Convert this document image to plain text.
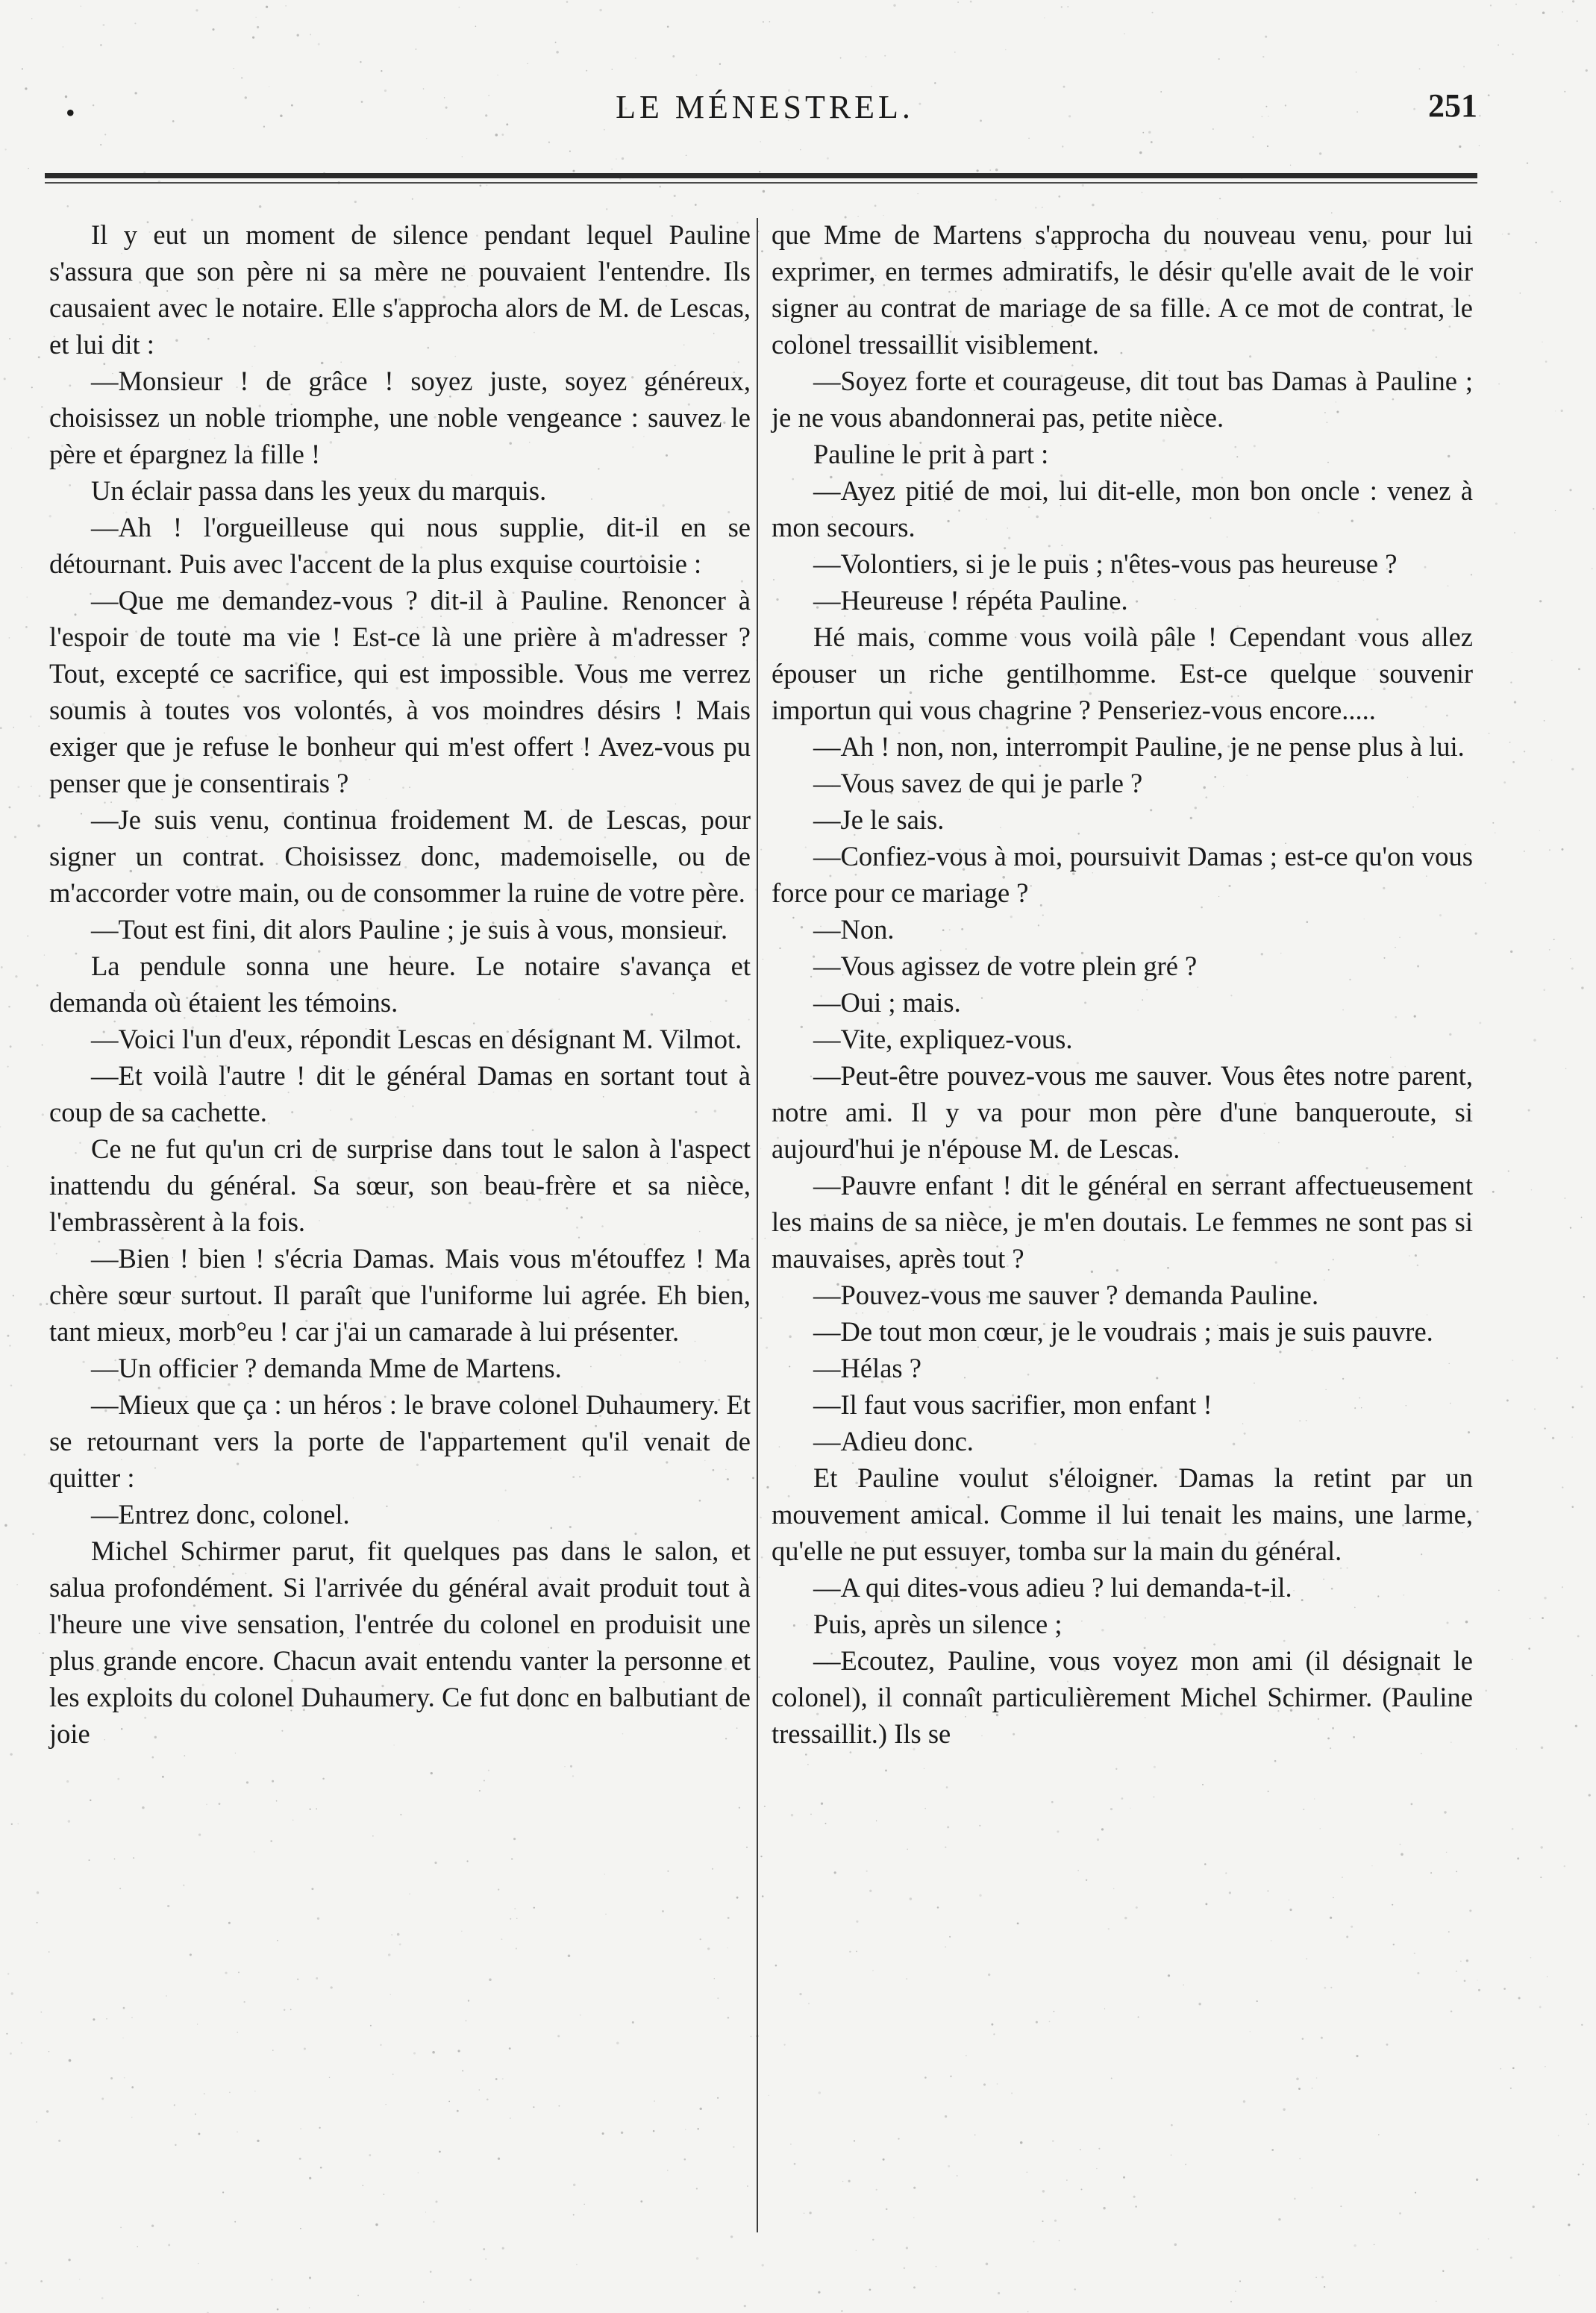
•	LE MÉNESTREL.	251

Il y eut un moment de silence pendant lequel Pauline s'assura que son père ni sa mère ne pouvaient l'entendre. Ils causaient avec le notaire. Elle s'approcha alors de M. de Lescas, et lui dit :

—Monsieur ! de grâce ! soyez juste, soyez généreux, choisissez un noble triomphe, une noble vengeance : sauvez le père et épargnez la fille !

Un éclair passa dans les yeux du marquis.

—Ah ! l'orgueilleuse qui nous supplie, dit-il en se détournant. Puis avec l'accent de la plus exquise courtoisie :

—Que me demandez-vous ? dit-il à Pauline. Renoncer à l'espoir de toute ma vie ! Est-ce là une prière à m'adresser ? Tout, excepté ce sacrifice, qui est impossible. Vous me verrez soumis à toutes vos volontés, à vos moindres désirs ! Mais exiger que je refuse le bonheur qui m'est offert ! Avez-vous pu penser que je consentirais ?

—Je suis venu, continua froidement M. de Lescas, pour signer un contrat. Choisissez donc, mademoiselle, ou de m'accorder votre main, ou de consommer la ruine de votre père.

—Tout est fini, dit alors Pauline ; je suis à vous, monsieur.

La pendule sonna une heure. Le notaire s'avança et demanda où étaient les témoins.

—Voici l'un d'eux, répondit Lescas en désignant M. Vilmot.

—Et voilà l'autre ! dit le général Damas en sortant tout à coup de sa cachette.

Ce ne fut qu'un cri de surprise dans tout le salon à l'aspect inattendu du général. Sa sœur, son beau-frère et sa nièce, l'embrassèrent à la fois.

—Bien ! bien ! s'écria Damas. Mais vous m'étouffez ! Ma chère sœur surtout. Il paraît que l'uniforme lui agrée. Eh bien, tant mieux, morb°eu ! car j'ai un camarade à lui présenter.

—Un officier ? demanda Mme de Martens.

—Mieux que ça : un héros : le brave colonel Duhaumery. Et se retournant vers la porte de l'appartement qu'il venait de quitter :

—Entrez donc, colonel.

Michel Schirmer parut, fit quelques pas dans le salon, et salua profondément. Si l'arrivée du général avait produit tout à l'heure une vive sensation, l'entrée du colonel en produisit une plus grande encore. Chacun avait entendu vanter la personne et les exploits du colonel Duhaumery. Ce fut donc en balbutiant de joie

que Mme de Martens s'approcha du nouveau venu, pour lui exprimer, en termes admiratifs, le désir qu'elle avait de le voir signer au contrat de mariage de sa fille. A ce mot de contrat, le colonel tressaillit visiblement.

—Soyez forte et courageuse, dit tout bas Damas à Pauline ; je ne vous abandonnerai pas, petite nièce.

Pauline le prit à part :

—Ayez pitié de moi, lui dit-elle, mon bon oncle : venez à mon secours.

—Volontiers, si je le puis ; n'êtes-vous pas heureuse ?

—Heureuse ! répéta Pauline.

Hé mais, comme vous voilà pâle ! Cependant vous allez épouser un riche gentilhomme. Est-ce quelque souvenir importun qui vous chagrine ? Penseriez-vous encore.....

—Ah ! non, non, interrompit Pauline, je ne pense plus à lui.

—Vous savez de qui je parle ?

—Je le sais.

—Confiez-vous à moi, poursuivit Damas ; est-ce qu'on vous force pour ce mariage ?

—Non.

—Vous agissez de votre plein gré ?

—Oui ; mais.

—Vite, expliquez-vous.

—Peut-être pouvez-vous me sauver. Vous êtes notre parent, notre ami. Il y va pour mon père d'une banqueroute, si aujourd'hui je n'épouse M. de Lescas.

—Pauvre enfant ! dit le général en serrant affectueusement les mains de sa nièce, je m'en doutais. Le femmes ne sont pas si mauvaises, après tout ?

—Pouvez-vous me sauver ? demanda Pauline.

—De tout mon cœur, je le voudrais ; mais je suis pauvre.

—Hélas ?

—Il faut vous sacrifier, mon enfant !

—Adieu donc.

Et Pauline voulut s'éloigner. Damas la retint par un mouvement amical. Comme il lui tenait les mains, une larme, qu'elle ne put essuyer, tomba sur la main du général.

—A qui dites-vous adieu ? lui demanda-t-il.

Puis, après un silence ;

—Ecoutez, Pauline, vous voyez mon ami (il désignait le colonel), il connaît particulièrement Michel Schirmer. (Pauline tressaillit.) Ils se
